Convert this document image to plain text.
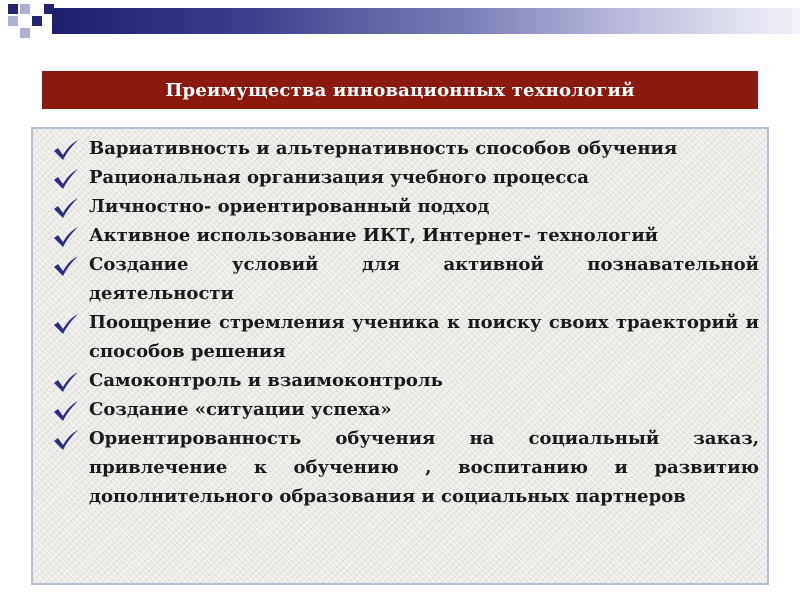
Преимущества инновационных технологий
Вариативность и альтернативность способов обучения
Рациональная организация учебного процесса
Личностно- ориентированный подход
Активное использование ИКТ, Интернет- технологий
Создание условий для активной познавательной деятельности
Поощрение стремления ученика к поиску своих траекторий и способов решения
Самоконтроль и взаимоконтроль
Создание «ситуации успеха»
Ориентированность обучения на социальный заказ, привлечение к обучению , воспитанию и развитию дополнительного образования и социальных партнеров
